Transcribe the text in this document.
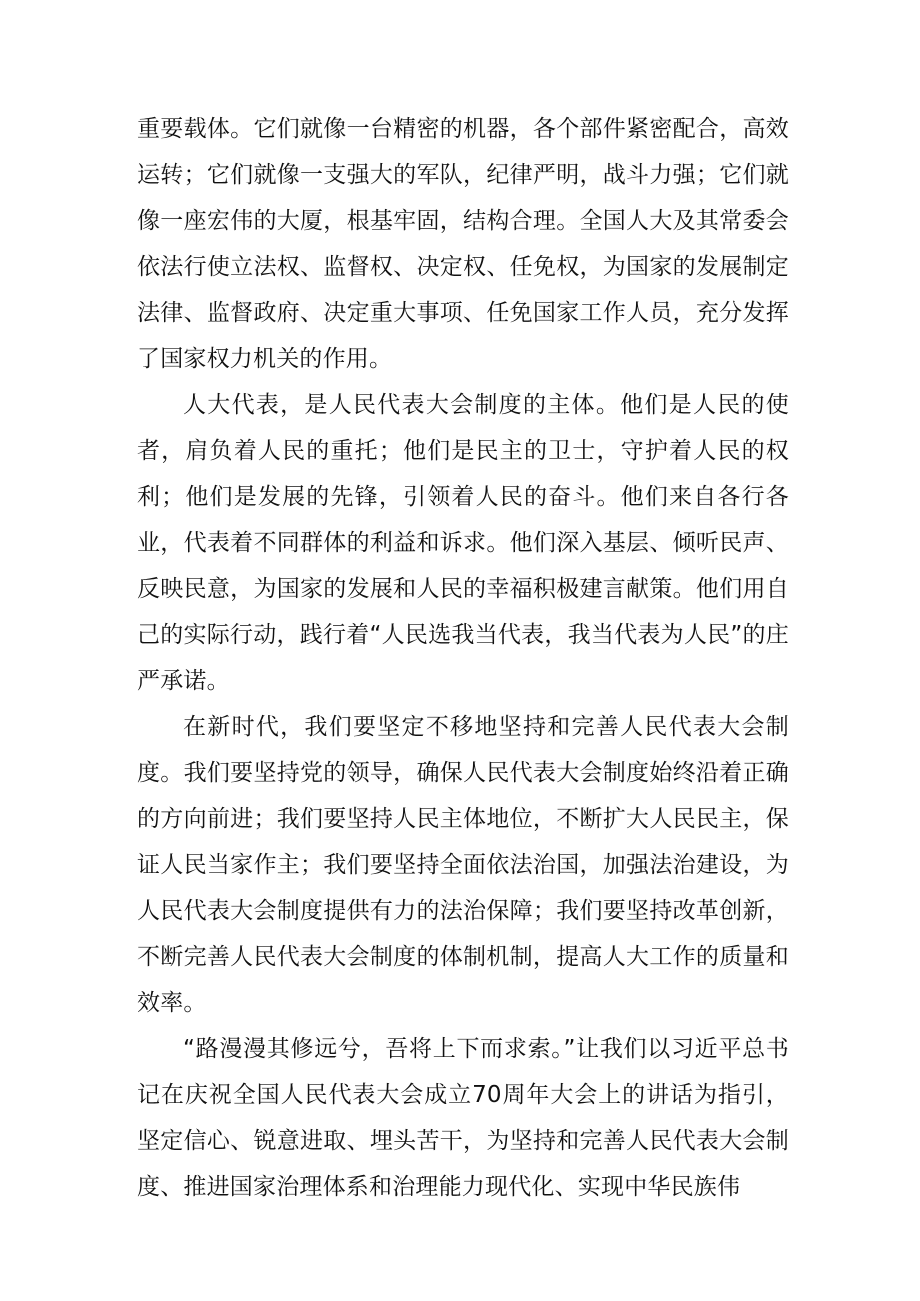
重要载体。它们就像一台精密的机器，各个部件紧密配合，高效运转；它们就像一支强大的军队，纪律严明，战斗力强；它们就像一座宏伟的大厦，根基牢固，结构合理。全国人大及其常委会依法行使立法权、监督权、决定权、任免权，为国家的发展制定法律、监督政府、决定重大事项、任免国家工作人员，充分发挥了国家权力机关的作用。

人大代表，是人民代表大会制度的主体。他们是人民的使者，肩负着人民的重托；他们是民主的卫士，守护着人民的权利；他们是发展的先锋，引领着人民的奋斗。他们来自各行各业，代表着不同群体的利益和诉求。他们深入基层、倾听民声、反映民意，为国家的发展和人民的幸福积极建言献策。他们用自己的实际行动，践行着“人民选我当代表，我当代表为人民”的庄严承诺。

在新时代，我们要坚定不移地坚持和完善人民代表大会制度。我们要坚持党的领导，确保人民代表大会制度始终沿着正确的方向前进；我们要坚持人民主体地位，不断扩大人民民主，保证人民当家作主；我们要坚持全面依法治国，加强法治建设，为人民代表大会制度提供有力的法治保障；我们要坚持改革创新，不断完善人民代表大会制度的体制机制，提高人大工作的质量和效率。

“路漫漫其修远兮，吾将上下而求索。”让我们以习近平总书记在庆祝全国人民代表大会成立70周年大会上的讲话为指引，坚定信心、锐意进取、埋头苦干，为坚持和完善人民代表大会制度、推进国家治理体系和治理能力现代化、实现中华民族伟
